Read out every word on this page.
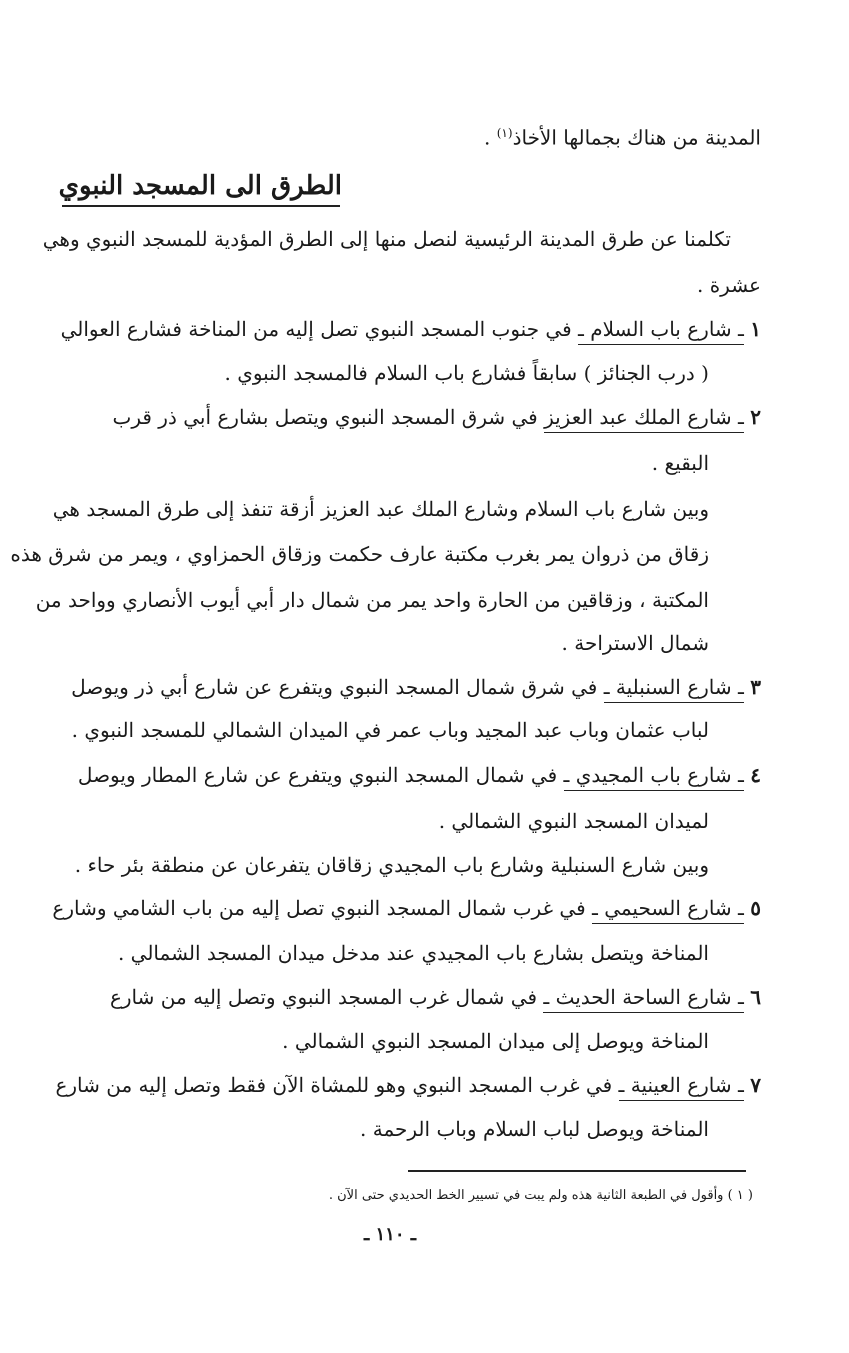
المدينة من هناك بجمالها الأخاذ$^{(١)}$ .
الطرق الى المسجد النبوي
تكلمنا عن طرق المدينة الرئيسية لنصل منها إلى الطرق المؤدية للمسجد النبوي وهي
عشرة .
١ ـ شارع باب السلام ـ في جنوب المسجد النبوي تصل إليه من المناخة فشارع العوالي
( درب الجنائز ) سابقاً فشارع باب السلام فالمسجد النبوي .
٢ ـ شارع الملك عبد العزيز في شرق المسجد النبوي ويتصل بشارع أبي ذر قرب
البقيع .
وبين شارع باب السلام وشارع الملك عبد العزيز أزقة تنفذ إلى طرق المسجد هي
زقاق من ذروان يمر بغرب مكتبة عارف حكمت وزقاق الحمزاوي ، ويمر من شرق هذه
المكتبة ، وزقاقين من الحارة واحد يمر من شمال دار أبي أيوب الأنصاري وواحد من
شمال الاستراحة .
٣ ـ شارع السنبلية ـ في شرق شمال المسجد النبوي ويتفرع عن شارع أبي ذر ويوصل
لباب عثمان وباب عبد المجيد وباب عمر في الميدان الشمالي للمسجد النبوي .
٤ ـ شارع باب المجيدي ـ في شمال المسجد النبوي ويتفرع عن شارع المطار ويوصل
لميدان المسجد النبوي الشمالي .
وبين شارع السنبلية وشارع باب المجيدي زقاقان يتفرعان عن منطقة بئر حاء .
٥ ـ شارع السحيمي ـ في غرب شمال المسجد النبوي تصل إليه من باب الشامي وشارع
المناخة ويتصل بشارع باب المجيدي عند مدخل ميدان المسجد الشمالي .
٦ ـ شارع الساحة الحديث ـ في شمال غرب المسجد النبوي وتصل إليه من شارع
المناخة ويوصل إلى ميدان المسجد النبوي الشمالي .
٧ ـ شارع العينية ـ في غرب المسجد النبوي وهو للمشاة الآن فقط وتصل إليه من شارع
المناخة ويوصل لباب السلام وباب الرحمة .
( ١ ) وأقول في الطبعة الثانية هذه ولم يبت في تسيير الخط الحديدي حتى الآن .
ـ ١١٠ ـ
